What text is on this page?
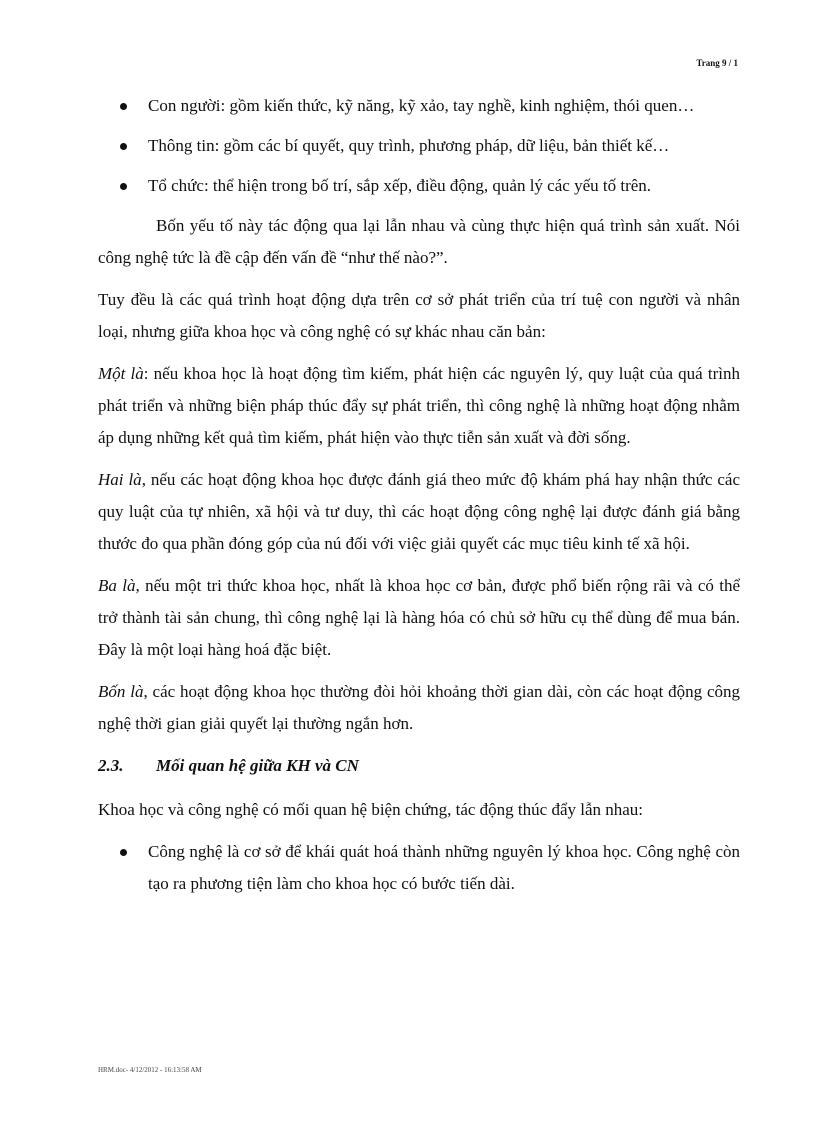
Trang 9 / 1
Con người: gồm kiến thức, kỹ năng, kỹ xảo, tay nghề, kinh nghiệm, thói quen…
Thông tin: gồm các bí quyết, quy trình, phương pháp, dữ liệu, bản thiết kế…
Tổ chức: thể hiện trong bố trí, sắp xếp, điều động, quản lý các yếu tố trên.

Bốn yếu tố này tác động qua lại lẫn nhau và cùng thực hiện quá trình sản xuất. Nói công nghệ tức là đề cập đến vấn đề “như thế nào?”.

Tuy đều là các quá trình hoạt động dựa trên cơ sở phát triển của trí tuệ con người và nhân loại, nhưng giữa khoa học và công nghệ có sự khác nhau căn bản:

Một là: nếu khoa học là hoạt động tìm kiếm, phát hiện các nguyên lý, quy luật của quá trình phát triển và những biện pháp thúc đẩy sự phát triển, thì công nghệ là những hoạt động nhằm áp dụng những kết quả tìm kiếm, phát hiện vào thực tiễn sản xuất và đời sống.

Hai là, nếu các hoạt động khoa học được đánh giá theo mức độ khám phá hay nhận thức các quy luật của tự nhiên, xã hội và tư duy, thì các hoạt động công nghệ lại được đánh giá bằng thước đo qua phần đóng góp của nú đối với việc giải quyết các mục tiêu kinh tế xã hội.

Ba là, nếu một tri thức khoa học, nhất là khoa học cơ bản, được phổ biến rộng rãi và có thể trở thành tài sản chung, thì công nghệ lại là hàng hóa có chủ sở hữu cụ thể dùng để mua bán. Đây là một loại hàng hoá đặc biệt.

Bốn là, các hoạt động khoa học thường đòi hỏi khoảng thời gian dài, còn các hoạt động công nghệ thời gian giải quyết lại thường ngắn hơn.

2.3. Mối quan hệ giữa KH và CN

Khoa học và công nghệ có mối quan hệ biện chứng, tác động thúc đẩy lẫn nhau:

Công nghệ là cơ sở để khái quát hoá thành những nguyên lý khoa học. Công nghệ còn tạo ra phương tiện làm cho khoa học có bước tiến dài.
HRM.doc- 4/12/2012 - 16:13:58 AM
